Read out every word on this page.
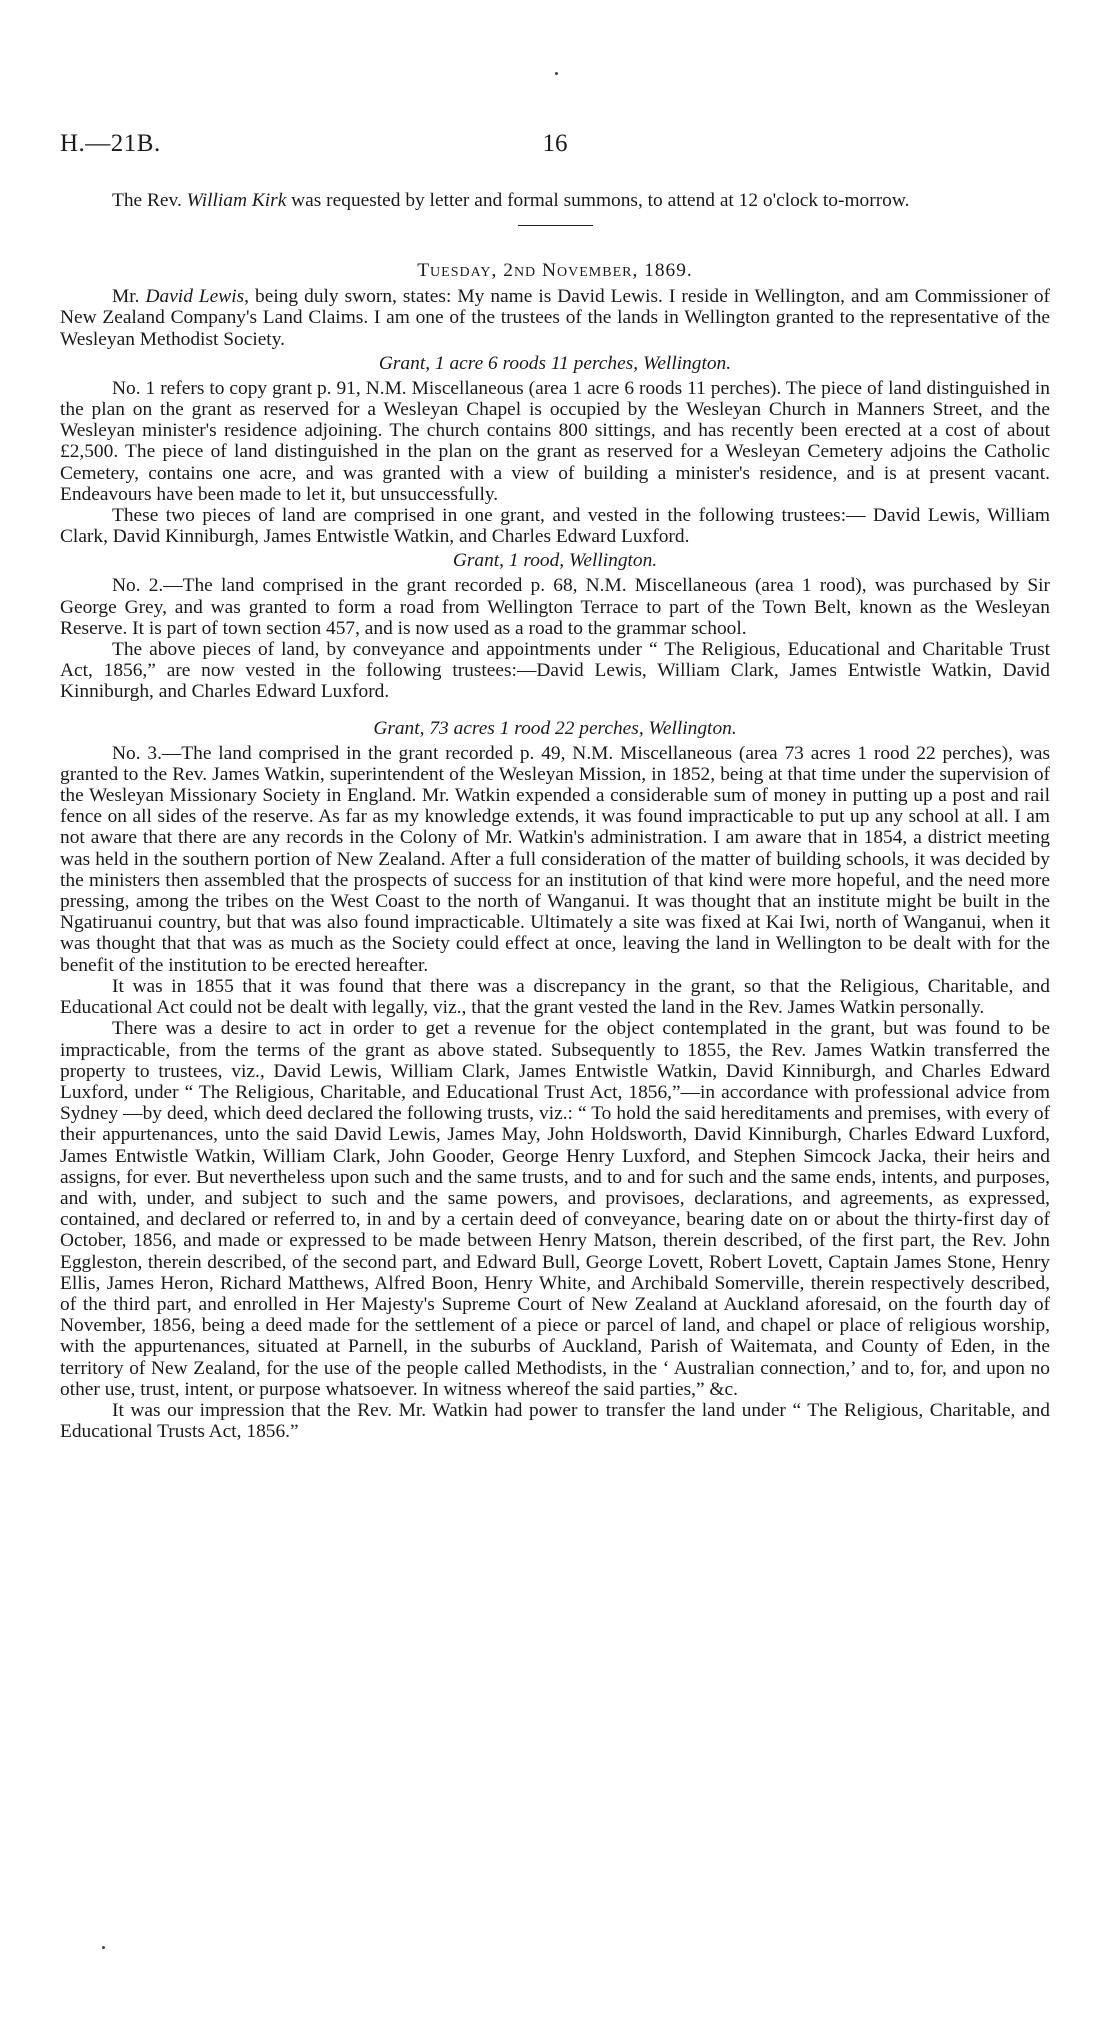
H.—21B.	16

The Rev. William Kirk was requested by letter and formal summons, to attend at 12 o'clock to-morrow.

Tuesday, 2nd November, 1869.

Mr. David Lewis, being duly sworn, states: My name is David Lewis. I reside in Wellington, and am Commissioner of New Zealand Company's Land Claims. I am one of the trustees of the lands in Wellington granted to the representative of the Wesleyan Methodist Society.

Grant, 1 acre 6 roods 11 perches, Wellington.

No. 1 refers to copy grant p. 91, N.M. Miscellaneous (area 1 acre 6 roods 11 perches). The piece of land distinguished in the plan on the grant as reserved for a Wesleyan Chapel is occupied by the Wesleyan Church in Manners Street, and the Wesleyan minister's residence adjoining. The church contains 800 sittings, and has recently been erected at a cost of about £2,500. The piece of land distinguished in the plan on the grant as reserved for a Wesleyan Cemetery adjoins the Catholic Cemetery, contains one acre, and was granted with a view of building a minister's residence, and is at present vacant. Endeavours have been made to let it, but unsuccessfully.

These two pieces of land are comprised in one grant, and vested in the following trustees:— David Lewis, William Clark, David Kinniburgh, James Entwistle Watkin, and Charles Edward Luxford.

Grant, 1 rood, Wellington.

No. 2.—The land comprised in the grant recorded p. 68, N.M. Miscellaneous (area 1 rood), was purchased by Sir George Grey, and was granted to form a road from Wellington Terrace to part of the Town Belt, known as the Wesleyan Reserve. It is part of town section 457, and is now used as a road to the grammar school.

The above pieces of land, by conveyance and appointments under “ The Religious, Educational and Charitable Trust Act, 1856,” are now vested in the following trustees:—David Lewis, William Clark, James Entwistle Watkin, David Kinniburgh, and Charles Edward Luxford.

Grant, 73 acres 1 rood 22 perches, Wellington.

No. 3.—The land comprised in the grant recorded p. 49, N.M. Miscellaneous (area 73 acres 1 rood 22 perches), was granted to the Rev. James Watkin, superintendent of the Wesleyan Mission, in 1852, being at that time under the supervision of the Wesleyan Missionary Society in England. Mr. Watkin expended a considerable sum of money in putting up a post and rail fence on all sides of the reserve. As far as my knowledge extends, it was found impracticable to put up any school at all. I am not aware that there are any records in the Colony of Mr. Watkin's administration. I am aware that in 1854, a district meeting was held in the southern portion of New Zealand. After a full consideration of the matter of building schools, it was decided by the ministers then assembled that the prospects of success for an institution of that kind were more hopeful, and the need more pressing, among the tribes on the West Coast to the north of Wanganui. It was thought that an institute might be built in the Ngatiruanui country, but that was also found impracticable. Ultimately a site was fixed at Kai Iwi, north of Wanganui, when it was thought that that was as much as the Society could effect at once, leaving the land in Wellington to be dealt with for the benefit of the institution to be erected hereafter.

It was in 1855 that it was found that there was a discrepancy in the grant, so that the Religious, Charitable, and Educational Act could not be dealt with legally, viz., that the grant vested the land in the Rev. James Watkin personally.

There was a desire to act in order to get a revenue for the object contemplated in the grant, but was found to be impracticable, from the terms of the grant as above stated. Subsequently to 1855, the Rev. James Watkin transferred the property to trustees, viz., David Lewis, William Clark, James Entwistle Watkin, David Kinniburgh, and Charles Edward Luxford, under “ The Religious, Charitable, and Educational Trust Act, 1856,”—in accordance with professional advice from Sydney —by deed, which deed declared the following trusts, viz.: “ To hold the said hereditaments and premises, with every of their appurtenances, unto the said David Lewis, James May, John Holdsworth, David Kinniburgh, Charles Edward Luxford, James Entwistle Watkin, William Clark, John Gooder, George Henry Luxford, and Stephen Simcock Jacka, their heirs and assigns, for ever. But nevertheless upon such and the same trusts, and to and for such and the same ends, intents, and purposes, and with, under, and subject to such and the same powers, and provisoes, declarations, and agreements, as expressed, contained, and declared or referred to, in and by a certain deed of conveyance, bearing date on or about the thirty-first day of October, 1856, and made or expressed to be made between Henry Matson, therein described, of the first part, the Rev. John Eggleston, therein described, of the second part, and Edward Bull, George Lovett, Robert Lovett, Captain James Stone, Henry Ellis, James Heron, Richard Matthews, Alfred Boon, Henry White, and Archibald Somerville, therein respectively described, of the third part, and enrolled in Her Majesty's Supreme Court of New Zealand at Auckland aforesaid, on the fourth day of November, 1856, being a deed made for the settlement of a piece or parcel of land, and chapel or place of religious worship, with the appurtenances, situated at Parnell, in the suburbs of Auckland, Parish of Waitemata, and County of Eden, in the territory of New Zealand, for the use of the people called Methodists, in the ‘ Australian connection,’ and to, for, and upon no other use, trust, intent, or purpose whatsoever. In witness whereof the said parties,” &c.

It was our impression that the Rev. Mr. Watkin had power to transfer the land under “ The Religious, Charitable, and Educational Trusts Act, 1856.”
